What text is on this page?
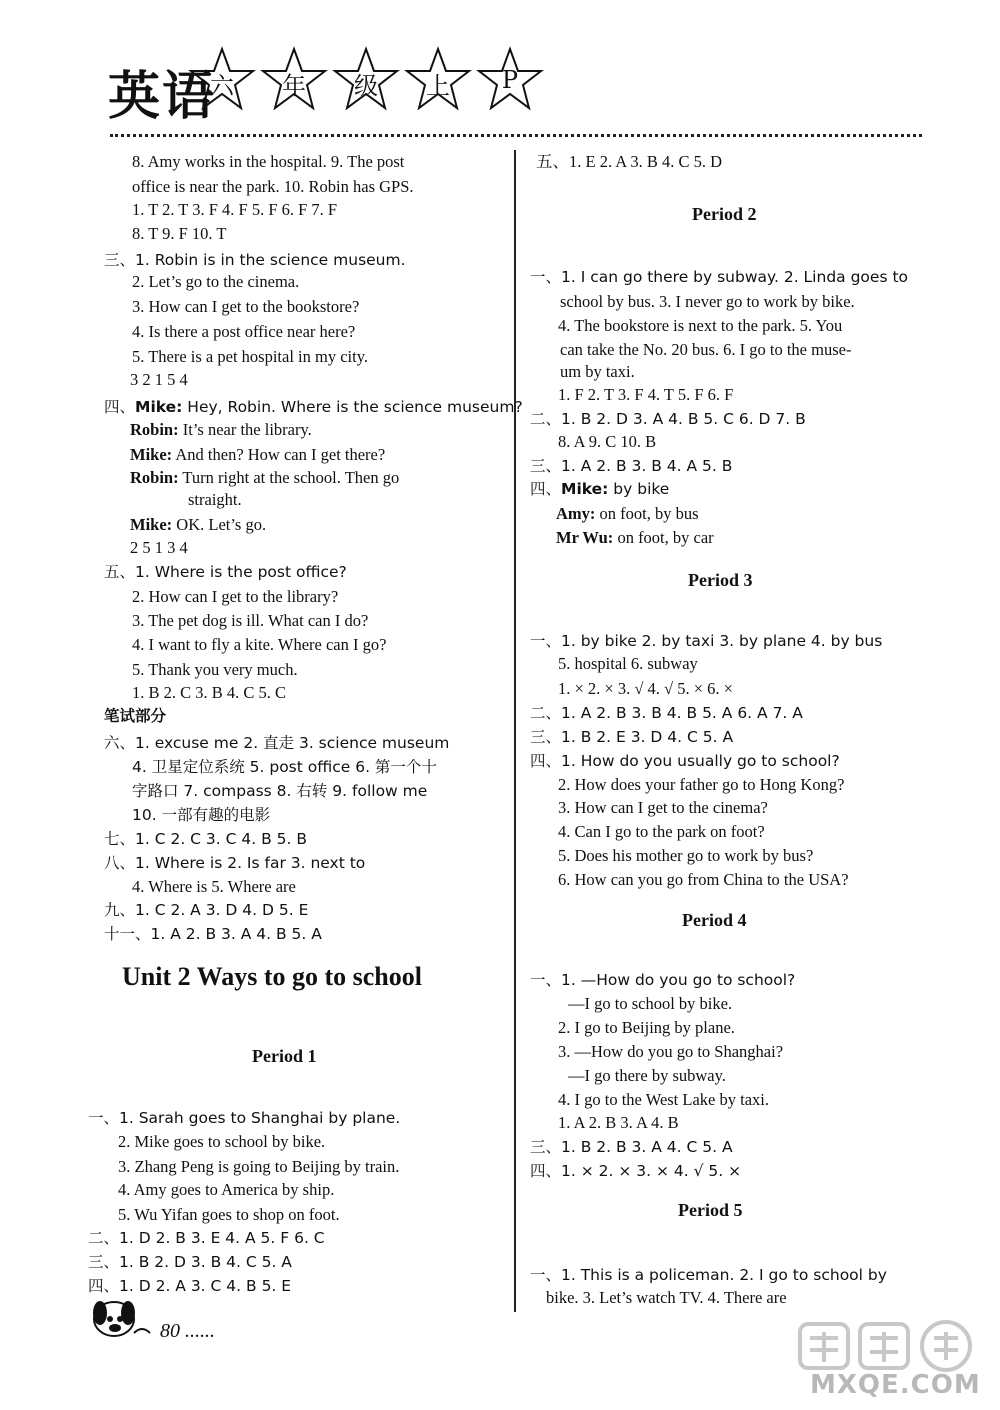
英语
六	年	级	上	P
8. Amy works in the hospital. 9. The post
office is near the park. 10. Robin has GPS.
1. T 2. T 3. F 4. F 5. F 6. F 7. F
8. T 9. F 10. T
三、1. Robin is in the science museum.
2. Let’s go to the cinema.
3. How can I get to the bookstore?
4. Is there a post office near here?
5. There is a pet hospital in my city.
3 2 1 5 4
四、Mike: Hey, Robin. Where is the science museum?
Robin: It’s near the library.
Mike: And then? How can I get there?
Robin: Turn right at the school. Then go
straight.
Mike: OK. Let’s go.
2 5 1 3 4
五、1. Where is the post office?
2. How can I get to the library?
3. The pet dog is ill. What can I do?
4. I want to fly a kite. Where can I go?
5. Thank you very much.
1. B 2. C 3. B 4. C 5. C
笔试部分
六、1. excuse me 2. 直走 3. science museum
4. 卫星定位系统 5. post office 6. 第一个十
字路口 7. compass 8. 右转 9. follow me
10. 一部有趣的电影
七、1. C 2. C 3. C 4. B 5. B
八、1. Where is 2. Is far 3. next to
4. Where is 5. Where are
九、1. C 2. A 3. D 4. D 5. E
十一、1. A 2. B 3. A 4. B 5. A
Unit 2 Ways to go to school
Period 1
一、1. Sarah goes to Shanghai by plane.
2. Mike goes to school by bike.
3. Zhang Peng is going to Beijing by train.
4. Amy goes to America by ship.
5. Wu Yifan goes to shop on foot.
二、1. D 2. B 3. E 4. A 5. F 6. C
三、1. B 2. D 3. B 4. C 5. A
四、1. D 2. A 3. C 4. B 5. E
五、1. E 2. A 3. B 4. C 5. D
Period 2
Period 3
Period 4
Period 5
一、1. I can go there by subway. 2. Linda goes to
school by bus. 3. I never go to work by bike.
4. The bookstore is next to the park. 5. You
can take the No. 20 bus. 6. I go to the muse-
um by taxi.
1. F 2. T 3. F 4. T 5. F 6. F
二、1. B 2. D 3. A 4. B 5. C 6. D 7. B
8. A 9. C 10. B
三、1. A 2. B 3. B 4. A 5. B
四、Mike: by bike
Amy: on foot, by bus
Mr Wu: on foot, by car
一、1. by bike 2. by taxi 3. by plane 4. by bus
5. hospital 6. subway
1. × 2. × 3. √ 4. √ 5. × 6. ×
二、1. A 2. B 3. B 4. B 5. A 6. A 7. A
三、1. B 2. E 3. D 4. C 5. A
四、1. How do you usually go to school?
2. How does your father go to Hong Kong?
3. How can I get to the cinema?
4. Can I go to the park on foot?
5. Does his mother go to work by bus?
6. How can you go from China to the USA?
一、1. —How do you go to school?
—I go to school by bike.
2. I go to Beijing by plane.
3. —How do you go to Shanghai?
—I go there by subway.
4. I go to the West Lake by taxi.
1. A 2. B 3. A 4. B
三、1. B 2. B 3. A 4. C 5. A
四、1. × 2. × 3. × 4. √ 5. ×
一、1. This is a policeman. 2. I go to school by
bike. 3. Let’s watch TV. 4. There are
80 ......
MXQE.COM
